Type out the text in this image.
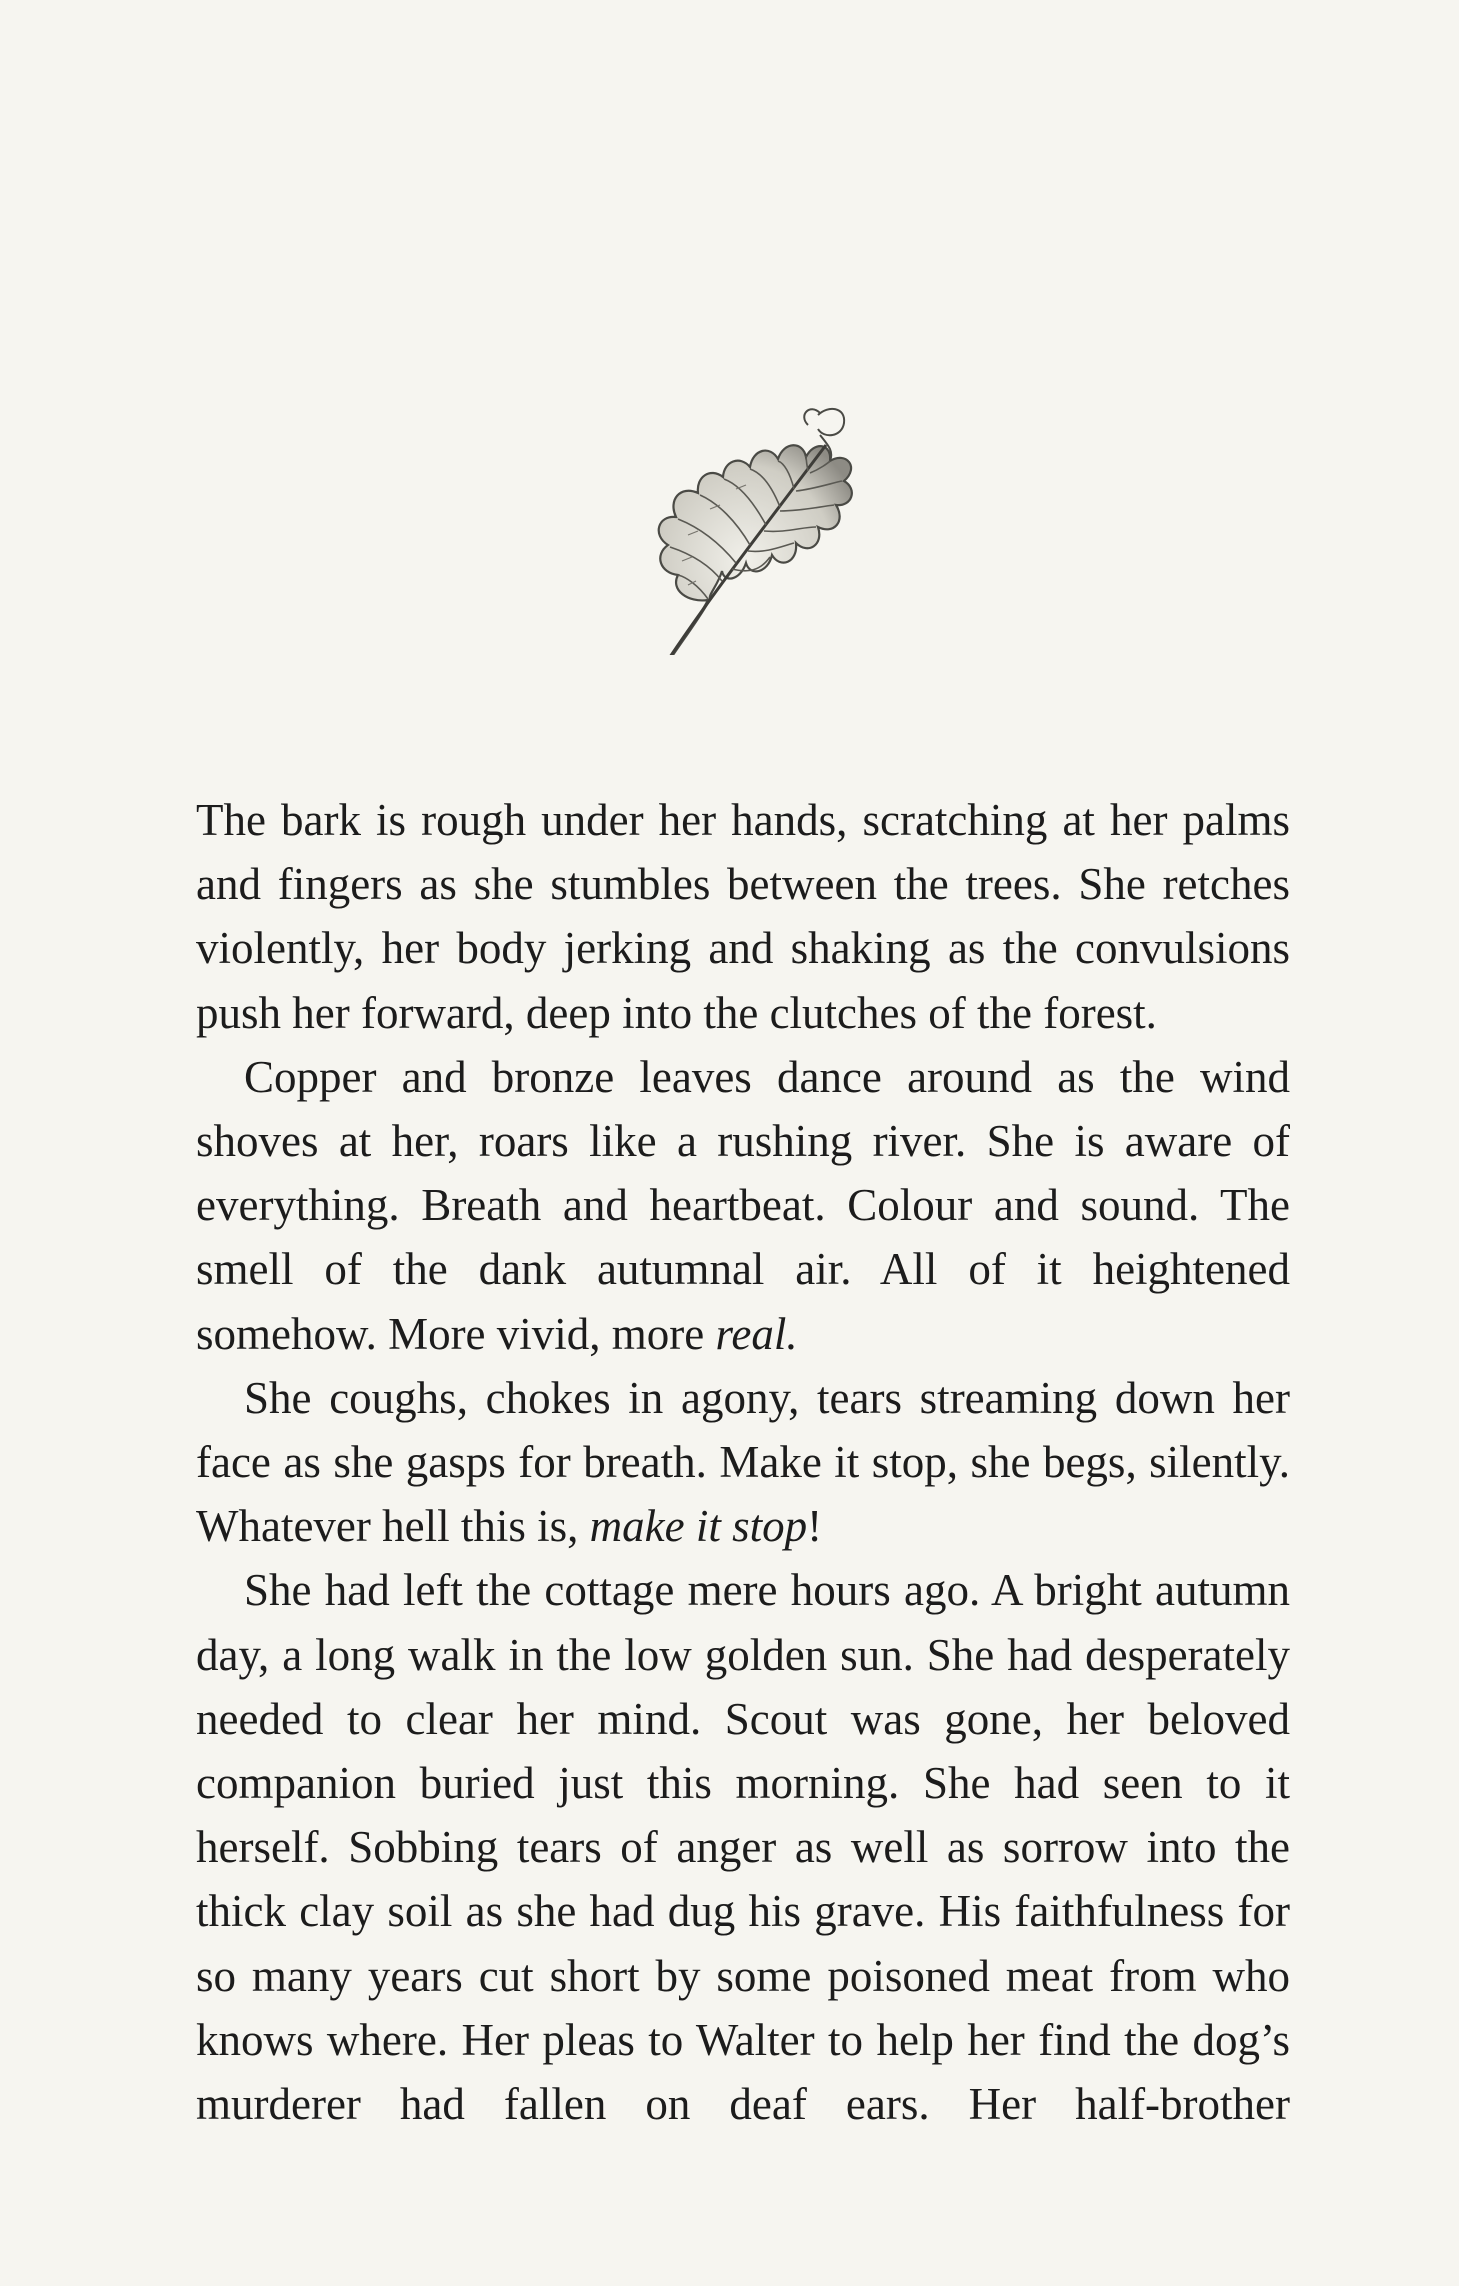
The bark is rough under her hands, scratching at her palms and fingers as she stumbles between the trees. She retches violently, her body jerking and shaking as the convulsions push her forward, deep into the clutches of the forest.

Copper and bronze leaves dance around as the wind shoves at her, roars like a rushing river. She is aware of everything. Breath and heartbeat. Colour and sound. The smell of the dank autumnal air. All of it heightened somehow. More vivid, more real.

She coughs, chokes in agony, tears streaming down her face as she gasps for breath. Make it stop, she begs, silently. Whatever hell this is, make it stop!

She had left the cottage mere hours ago. A bright autumn day, a long walk in the low golden sun. She had desperately needed to clear her mind. Scout was gone, her beloved companion buried just this morning. She had seen to it herself. Sobbing tears of anger as well as sorrow into the thick clay soil as she had dug his grave. His faithfulness for so many years cut short by some poisoned meat from who knows where. Her pleas to Walter to help her find the dog’s murderer had fallen on deaf ears. Her half-brother
